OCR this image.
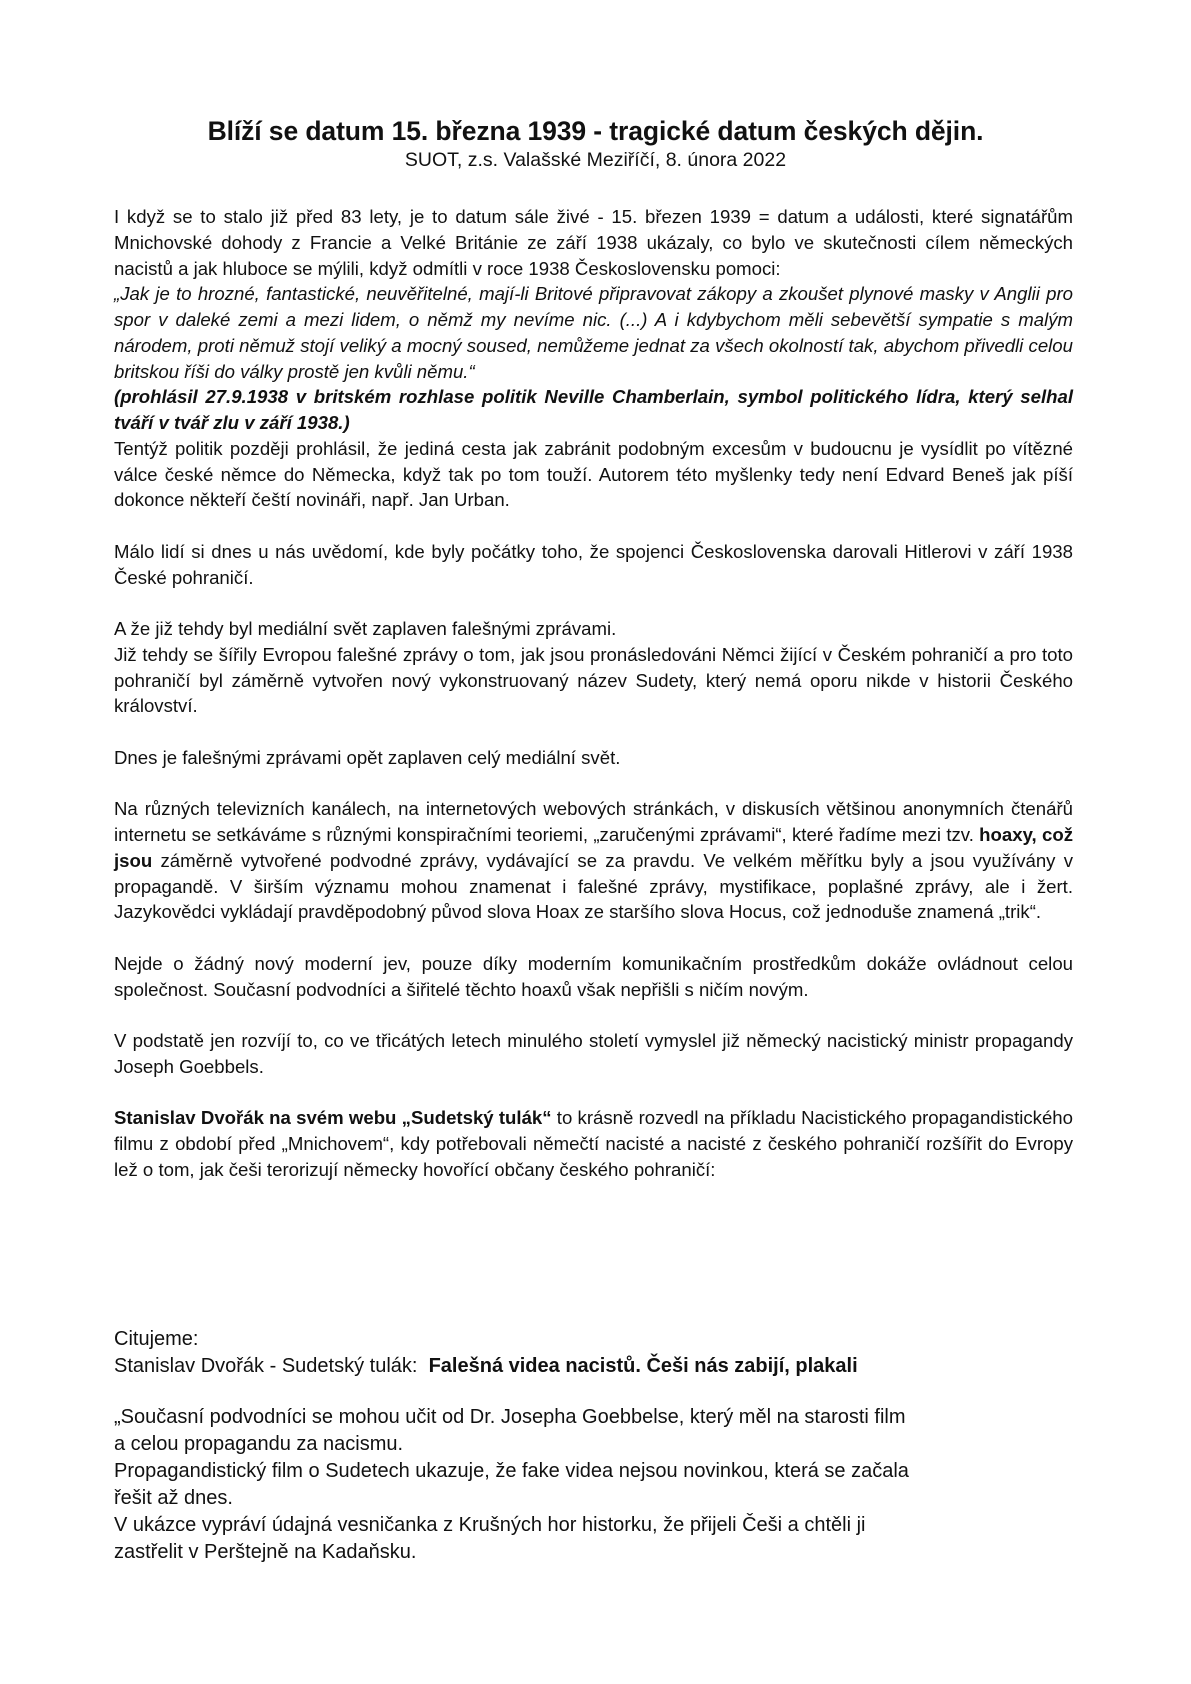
Blíží se datum 15. března 1939 - tragické datum českých dějin.
SUOT, z.s. Valašské Meziříčí, 8. února 2022

I když se to stalo již před 83 lety, je to datum sále živé - 15. březen 1939 = datum a události, které signatářům Mnichovské dohody z Francie a Velké Británie ze září 1938 ukázaly, co bylo ve skutečnosti cílem německých nacistů a jak hluboce se mýlili, když odmítli v roce 1938 Československu pomoci:

„Jak je to hrozné, fantastické, neuvěřitelné, mají-li Britové připravovat zákopy a zkoušet plynové masky v Anglii pro spor v daleké zemi a mezi lidem, o němž my nevíme nic. (...) A i kdybychom měli sebevětší sympatie s malým národem, proti němuž stojí veliký a mocný soused, nemůžeme jednat za všech okolností tak, abychom přivedli celou britskou říši do války prostě jen kvůli němu.“

(prohlásil 27.9.1938 v britském rozhlase politik Neville Chamberlain, symbol politického lídra, který selhal tváří v tvář zlu v září 1938.)

Tentýž politik později prohlásil, že jediná cesta jak zabránit podobným excesům v budoucnu je vysídlit po vítězné válce české němce do Německa, když tak po tom touží. Autorem této myšlenky tedy není Edvard Beneš jak píší dokonce někteří čeští novináři, např. Jan Urban.

Málo lidí si dnes u nás uvědomí, kde byly počátky toho, že spojenci Československa darovali Hitlerovi v září 1938 České pohraničí.

A že již tehdy byl mediální svět zaplaven falešnými zprávami.

Již tehdy se šířily Evropou falešné zprávy o tom, jak jsou pronásledováni Němci žijící v Českém pohraničí a pro toto pohraničí byl záměrně vytvořen nový vykonstruovaný název Sudety, který nemá oporu nikde v historii Českého království.

Dnes je falešnými zprávami opět zaplaven celý mediální svět.

Na různých televizních kanálech, na internetových webových stránkách, v diskusích většinou anonymních čtenářů internetu se setkáváme s různými konspiračními teoriemi, „zaručenými zprávami“, které řadíme mezi tzv. hoaxy, což jsou záměrně vytvořené podvodné zprávy, vydávající se za pravdu. Ve velkém měřítku byly a jsou využívány v propagandě. V širším významu mohou znamenat i falešné zprávy, mystifikace, poplašné zprávy, ale i žert. Jazykovědci vykládají pravděpodobný původ slova Hoax ze staršího slova Hocus, což jednoduše znamená „trik“.

Nejde o žádný nový moderní jev, pouze díky moderním komunikačním prostředkům dokáže ovládnout celou společnost. Současní podvodníci a šiřitelé těchto hoaxů však nepřišli s ničím novým.

V podstatě jen rozvíjí to, co ve třicátých letech minulého století vymyslel již německý nacistický ministr propagandy Joseph Goebbels.

Stanislav Dvořák na svém webu „Sudetský tulák“ to krásně rozvedl na příkladu Nacistického propagandistického filmu z období před „Mnichovem“, kdy potřebovali němečtí nacisté a nacisté z českého pohraničí rozšířit do Evropy lež o tom, jak češi terorizují německy hovořící občany českého pohraničí:

Citujeme:

Stanislav Dvořák - Sudetský tulák:  Falešná videa nacistů. Češi nás zabijí, plakali

„Současní podvodníci se mohou učit od Dr. Josepha Goebbelse, který měl na starosti film

a celou propagandu za nacismu.

Propagandistický film o Sudetech ukazuje, že fake videa nejsou novinkou, která se začala

řešit až dnes.

V ukázce vypráví údajná vesničanka z Krušných hor historku, že přijeli Češi a chtěli ji

zastřelit v Perštejně na Kadaňsku.
